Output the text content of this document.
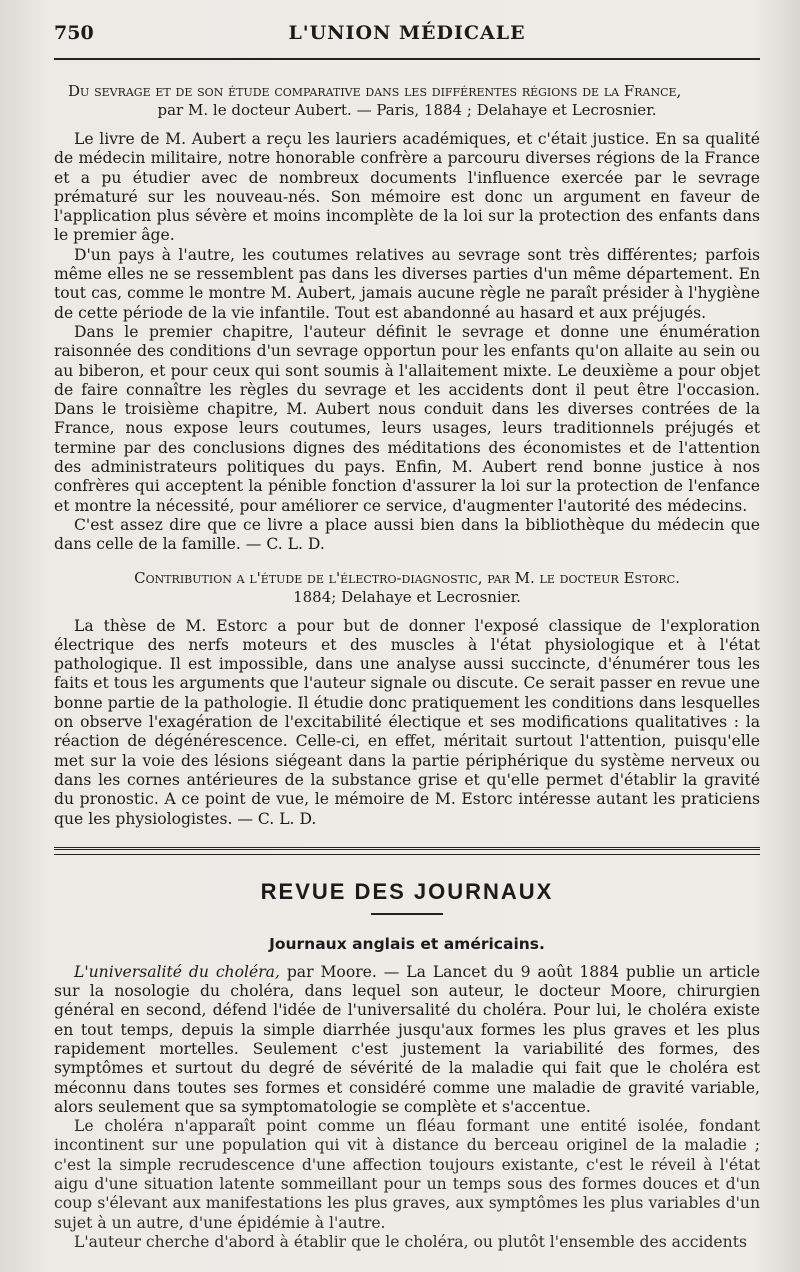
750	L'UNION MÉDICALE

Du sevrage et de son étude comparative dans les différentes régions de la France,

par M. le docteur Aubert. — Paris, 1884 ; Delahaye et Lecrosnier.

Le livre de M. Aubert a reçu les lauriers académiques, et c'était justice. En sa qualité de médecin militaire, notre honorable confrère a parcouru diverses régions de la France et a pu étudier avec de nombreux documents l'influence exercée par le sevrage prématuré sur les nouveau-nés. Son mémoire est donc un argument en faveur de l'application plus sévère et moins incomplète de la loi sur la protection des enfants dans le premier âge.

D'un pays à l'autre, les coutumes relatives au sevrage sont très différentes; parfois même elles ne se ressemblent pas dans les diverses parties d'un même département. En tout cas, comme le montre M. Aubert, jamais aucune règle ne paraît présider à l'hygiène de cette période de la vie infantile. Tout est abandonné au hasard et aux préjugés.

Dans le premier chapitre, l'auteur définit le sevrage et donne une énumération raisonnée des conditions d'un sevrage opportun pour les enfants qu'on allaite au sein ou au biberon, et pour ceux qui sont soumis à l'allaitement mixte. Le deuxième a pour objet de faire connaître les règles du sevrage et les accidents dont il peut être l'occasion. Dans le troisième chapitre, M. Aubert nous conduit dans les diverses contrées de la France, nous expose leurs coutumes, leurs usages, leurs traditionnels préjugés et termine par des conclusions dignes des méditations des économistes et de l'attention des administrateurs politiques du pays. Enfin, M. Aubert rend bonne justice à nos confrères qui acceptent la pénible fonction d'assurer la loi sur la protection de l'enfance et montre la nécessité, pour améliorer ce service, d'augmenter l'autorité des médecins.

C'est assez dire que ce livre a place aussi bien dans la bibliothèque du médecin que dans celle de la famille. — C. L. D.

Contribution a l'étude de l'électro-diagnostic, par M. le docteur Estorc.

1884; Delahaye et Lecrosnier.

La thèse de M. Estorc a pour but de donner l'exposé classique de l'exploration électrique des nerfs moteurs et des muscles à l'état physiologique et à l'état pathologique. Il est impossible, dans une analyse aussi succincte, d'énumérer tous les faits et tous les arguments que l'auteur signale ou discute. Ce serait passer en revue une bonne partie de la pathologie. Il étudie donc pratiquement les conditions dans lesquelles on observe l'exagération de l'excitabilité électique et ses modifications qualitatives : la réaction de dégénérescence. Celle-ci, en effet, méritait surtout l'attention, puisqu'elle met sur la voie des lésions siégeant dans la partie périphérique du système nerveux ou dans les cornes antérieures de la substance grise et qu'elle permet d'établir la gravité du pronostic. A ce point de vue, le mémoire de M. Estorc intéresse autant les praticiens que les physiologistes. — C. L. D.

REVUE DES JOURNAUX
Journaux anglais et américains.

L'universalité du choléra, par Moore. — La Lancet du 9 août 1884 publie un article sur la nosologie du choléra, dans lequel son auteur, le docteur Moore, chirurgien général en second, défend l'idée de l'universalité du choléra. Pour lui, le choléra existe en tout temps, depuis la simple diarrhée jusqu'aux formes les plus graves et les plus rapidement mortelles. Seulement c'est justement la variabilité des formes, des symptômes et surtout du degré de sévérité de la maladie qui fait que le choléra est méconnu dans toutes ses formes et considéré comme une maladie de gravité variable, alors seulement que sa symptomatologie se complète et s'accentue.

Le choléra n'apparaît point comme un fléau formant une entité isolée, fondant incontinent sur une population qui vit à distance du berceau originel de la maladie ; c'est la simple recrudescence d'une affection toujours existante, c'est le réveil à l'état aigu d'une situation latente sommeillant pour un temps sous des formes douces et d'un coup s'élevant aux manifestations les plus graves, aux symptômes les plus variables d'un sujet à un autre, d'une épidémie à l'autre.

L'auteur cherche d'abord à établir que le choléra, ou plutôt l'ensemble des accidents
